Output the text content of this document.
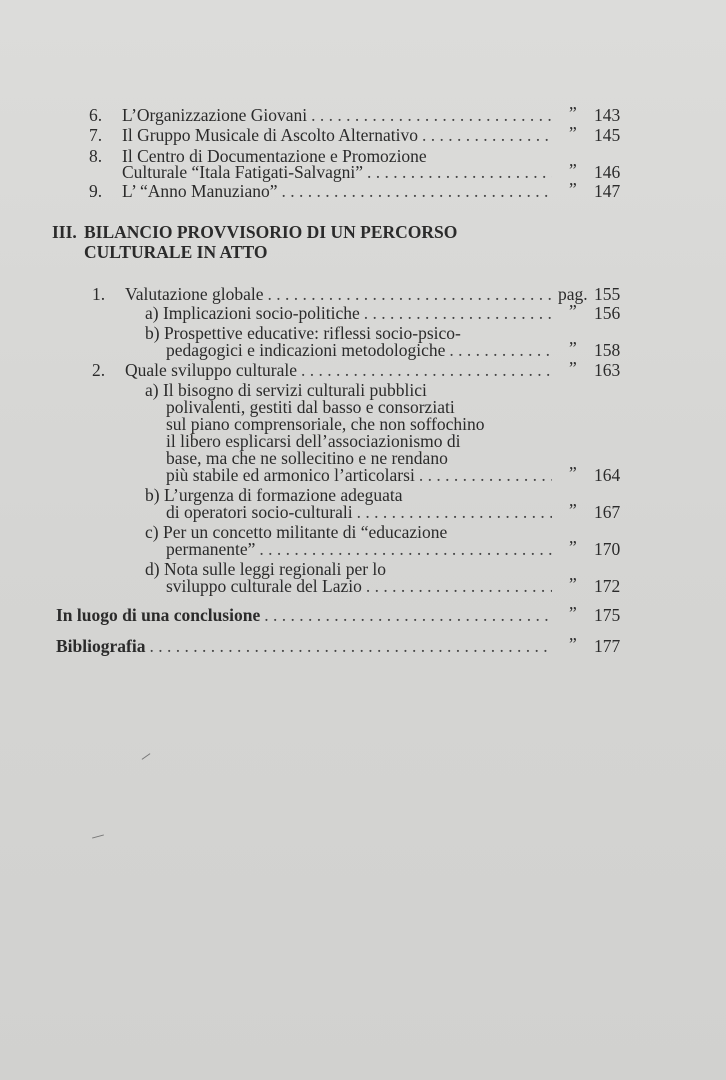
6. L’Organizzazione Giovani . . .	” 143
7. Il Gruppo Musicale di Ascolto Alternativo . . .	” 145
8. Il Centro di Documentazione e Promozione
Culturale “Itala Fatigati-Salvagni” . . .	” 146
9. L’ “Anno Manuziano” . . .	” 147
III. BILANCIO PROVVISORIO DI UN PERCORSO
CULTURALE IN ATTO
1. Valutazione globale . . .	pag. 155
a) Implicazioni socio-politiche . . .	” 156
b) Prospettive educative: riflessi socio-psico-
pedagogici e indicazioni metodologiche . . .	” 158
2. Quale sviluppo culturale . . .	” 163
a) Il bisogno di servizi culturali pubblici
polivalenti, gestiti dal basso e consorziati
sul piano comprensoriale, che non soffochino
il libero esplicarsi dell’associazionismo di
base, ma che ne sollecitino e ne rendano
più stabile ed armonico l’articolarsi . . .	” 164
b) L’urgenza di formazione adeguata
di operatori socio-culturali . . .	” 167
c) Per un concetto militante di “educazione
permanente” . . .	” 170
d) Nota sulle leggi regionali per lo
sviluppo culturale del Lazio . . .	” 172
In luogo di una conclusione . . .	” 175
Bibliografia . . .	” 177
